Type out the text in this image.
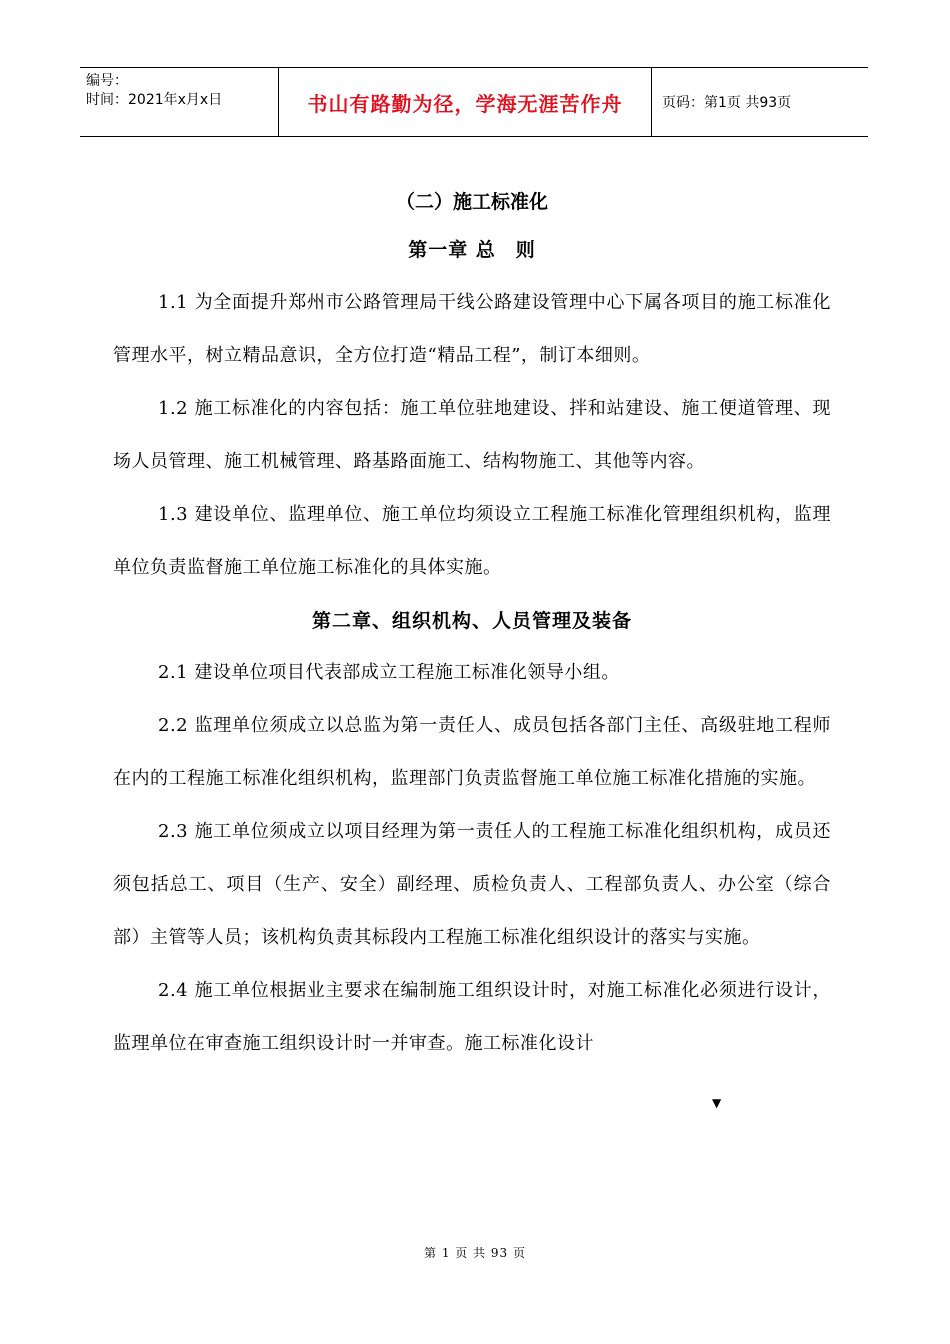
编号：
时间：2021年x月x日	书山有路勤为径，学海无涯苦作舟	页码：第1页 共93页
（二）施工标准化
第一章 总　则

1.1 为全面提升郑州市公路管理局干线公路建设管理中心下属各项目的施工标准化管理水平，树立精品意识，全方位打造“精品工程”，制订本细则。

1.2 施工标准化的内容包括：施工单位驻地建设、拌和站建设、施工便道管理、现场人员管理、施工机械管理、路基路面施工、结构物施工、其他等内容。

1.3 建设单位、监理单位、施工单位均须设立工程施工标准化管理组织机构，监理单位负责监督施工单位施工标准化的具体实施。

第二章、组织机构、人员管理及装备

2.1 建设单位项目代表部成立工程施工标准化领导小组。

2.2 监理单位须成立以总监为第一责任人、成员包括各部门主任、高级驻地工程师在内的工程施工标准化组织机构，监理部门负责监督施工单位施工标准化措施的实施。

2.3 施工单位须成立以项目经理为第一责任人的工程施工标准化组织机构，成员还须包括总工、项目（生产、安全）副经理、质检负责人、工程部负责人、办公室（综合部）主管等人员；该机构负责其标段内工程施工标准化组织设计的落实与实施。

2.4 施工单位根据业主要求在编制施工组织设计时，对施工标准化必须进行设计，监理单位在审查施工组织设计时一并审查。施工标准化设计

▼
第 1 页 共 93 页
